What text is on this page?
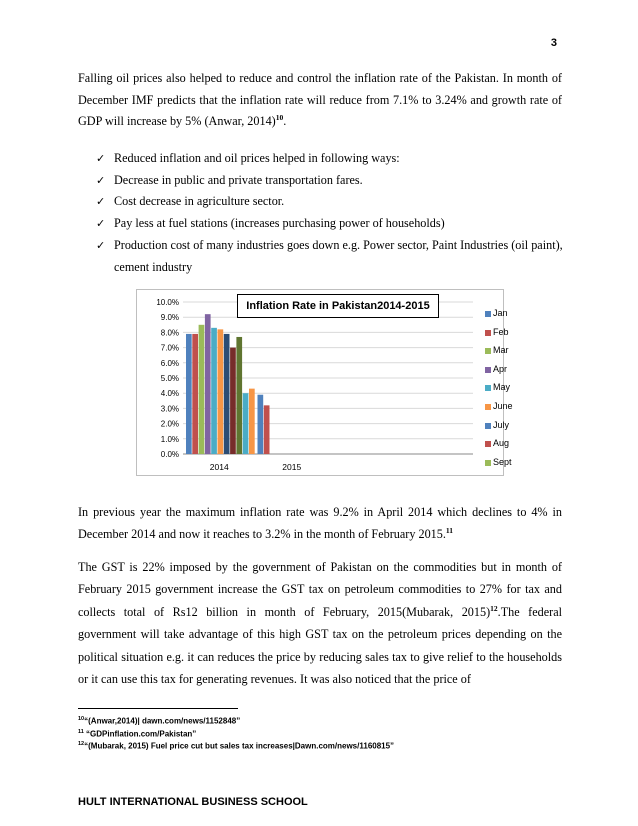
3
Falling oil prices also helped to reduce and control the inflation rate of the Pakistan. In month of December IMF predicts that the inflation rate will reduce from 7.1% to 3.24% and growth rate of GDP will increase by 5% (Anwar, 2014)$^{10}$.
✓ Reduced inflation and oil prices helped in following ways:
✓ Decrease in public and private transportation fares.
✓ Cost decrease in agriculture sector.
✓ Pay less at fuel stations (increases purchasing power of households)
✓ Production cost of many industries goes down e.g. Power sector, Paint Industries (oil paint), cement industry
0.0%
1.0%
2.0%
3.0%
4.0%
5.0%
6.0%
7.0%
8.0%
9.0%
10.0%
2014	2015
Inflation Rate in Pakistan2014-2015
Jan
Feb
Mar
Apr
May
June
July
Aug
Sept
In previous year the maximum inflation rate was 9.2% in April 2014 which declines to 4% in December 2014 and now it reaches to 3.2% in the month of February 2015.11
The GST is 22% imposed by the government of Pakistan on the commodities but in month of February 2015 government increase the GST tax on petroleum commodities to 27% for tax and collects total of Rs12 billion in month of February, 2015(Mubarak, 2015)$^{12}$.The federal government will take advantage of this high GST tax on the petroleum prices depending on the political situation e.g. it can reduces the price by reducing sales tax to give relief to the households or it can use this tax for generating revenues. It was also noticed that the price of
$^{10}$“(Anwar,2014)| dawn.com/news/1152848”
$^{11}$ “GDPinflation.com/Pakistan”
$^{12}$“(Mubarak, 2015) Fuel price cut but sales tax increases|Dawn.com/news/1160815”
HULT INTERNATIONAL BUSINESS SCHOOL
